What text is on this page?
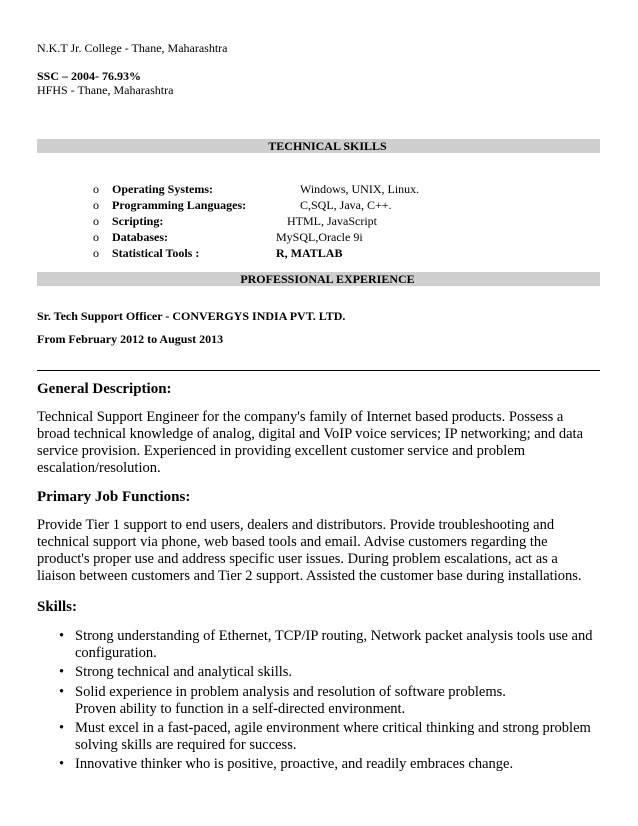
N.K.T Jr. College - Thane, Maharashtra
SSC – 2004- 76.93%
HFHS - Thane, Maharashtra
TECHNICAL SKILLS
o Operating Systems:	Windows, UNIX, Linux.
o Programming Languages:	C,SQL, Java, C++.
o Scripting:	HTML, JavaScript
o Databases:	MySQL,Oracle 9i
o Statistical Tools :	R, MATLAB
PROFESSIONAL EXPERIENCE
Sr. Tech Support Officer - CONVERGYS INDIA PVT. LTD.
From February 2012 to August 2013
General Description:
Technical Support Engineer for the company's family of Internet based products. Possess a
broad technical knowledge of analog, digital and VoIP voice services; IP networking; and data
service provision. Experienced in providing excellent customer service and problem
escalation/resolution.
Primary Job Functions:
Provide Tier 1 support to end users, dealers and distributors. Provide troubleshooting and
technical support via phone, web based tools and email. Advise customers regarding the
product's proper use and address specific user issues. During problem escalations, act as a
liaison between customers and Tier 2 support. Assisted the customer base during installations.
Skills:
• Strong understanding of Ethernet, TCP/IP routing, Network packet analysis tools use and
configuration.
• Strong technical and analytical skills.
• Solid experience in problem analysis and resolution of software problems.
Proven ability to function in a self-directed environment.
• Must excel in a fast-paced, agile environment where critical thinking and strong problem
solving skills are required for success.
• Innovative thinker who is positive, proactive, and readily embraces change.
